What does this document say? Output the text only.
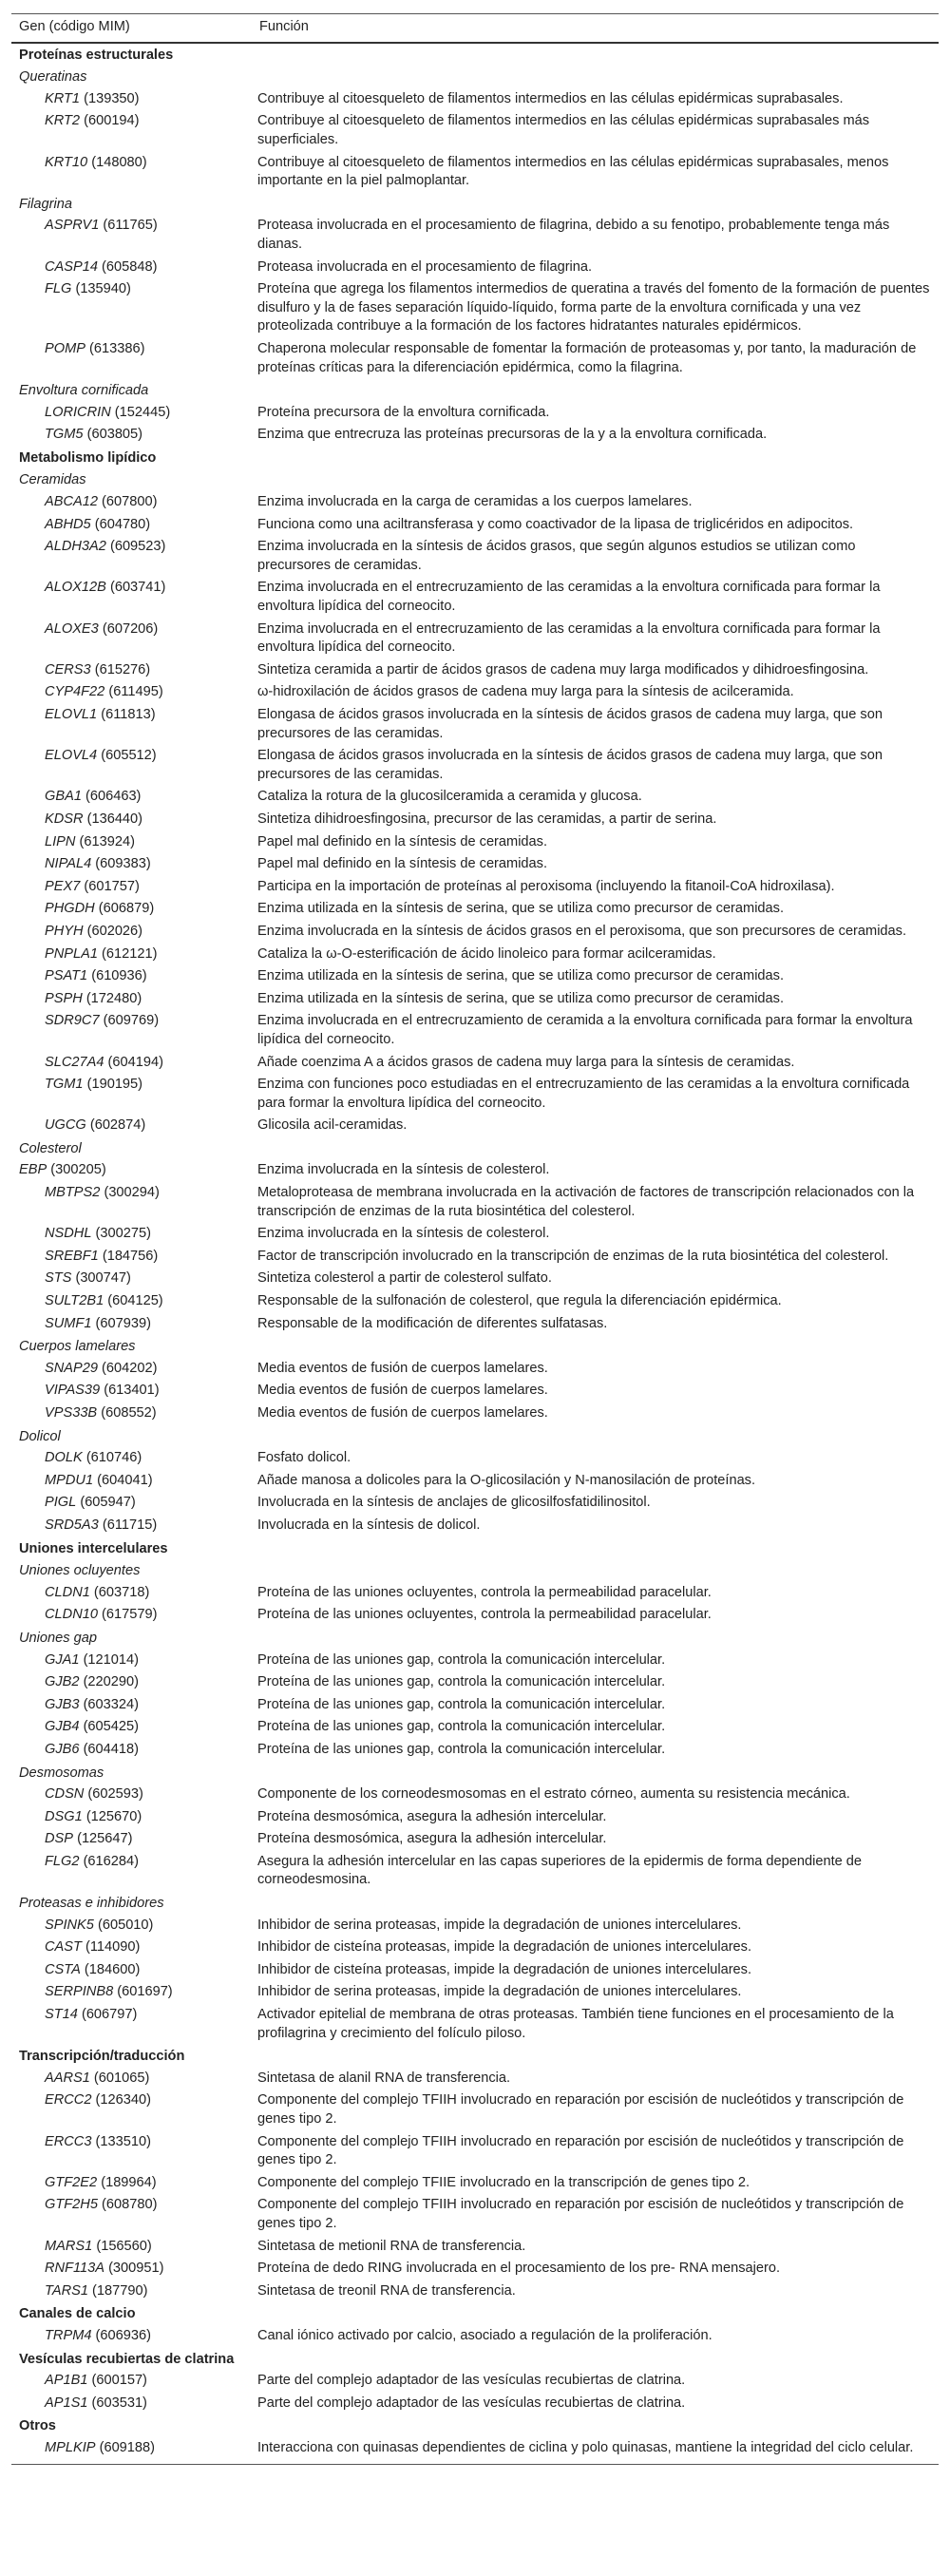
Gen (código MIM)	Función
Proteínas estructurales	
Queratinas	
KRT1 (139350)	Contribuye al citoesqueleto de filamentos intermedios en las células epidérmicas suprabasales.
KRT2 (600194)	Contribuye al citoesqueleto de filamentos intermedios en las células epidérmicas suprabasales más superficiales.
KRT10 (148080)	Contribuye al citoesqueleto de filamentos intermedios en las células epidérmicas suprabasales, menos importante en la piel palmoplantar.
Filagrina	
ASPRV1 (611765)	Proteasa involucrada en el procesamiento de filagrina, debido a su fenotipo, probablemente tenga más dianas.
CASP14 (605848)	Proteasa involucrada en el procesamiento de filagrina.
FLG (135940)	Proteína que agrega los filamentos intermedios de queratina a través del fomento de la formación de puentes disulfuro y la de fases separación líquido-líquido, forma parte de la envoltura cornificada y una vez proteolizada contribuye a la formación de los factores hidratantes naturales epidérmicos.
POMP (613386)	Chaperona molecular responsable de fomentar la formación de proteasomas y, por tanto, la maduración de proteínas críticas para la diferenciación epidérmica, como la filagrina.
Envoltura cornificada	
LORICRIN (152445)	Proteína precursora de la envoltura cornificada.
TGM5 (603805)	Enzima que entrecruza las proteínas precursoras de la y a la envoltura cornificada.
Metabolismo lipídico	
Ceramidas	
ABCA12 (607800)	Enzima involucrada en la carga de ceramidas a los cuerpos lamelares.
ABHD5 (604780)	Funciona como una aciltransferasa y como coactivador de la lipasa de triglicéridos en adipocitos.
ALDH3A2 (609523)	Enzima involucrada en la síntesis de ácidos grasos, que según algunos estudios se utilizan como precursores de ceramidas.
ALOX12B (603741)	Enzima involucrada en el entrecruzamiento de las ceramidas a la envoltura cornificada para formar la envoltura lipídica del corneocito.
ALOXE3 (607206)	Enzima involucrada en el entrecruzamiento de las ceramidas a la envoltura cornificada para formar la envoltura lipídica del corneocito.
CERS3 (615276)	Sintetiza ceramida a partir de ácidos grasos de cadena muy larga modificados y dihidroesfingosina.
CYP4F22 (611495)	ω-hidroxilación de ácidos grasos de cadena muy larga para la síntesis de acilceramida.
ELOVL1 (611813)	Elongasa de ácidos grasos involucrada en la síntesis de ácidos grasos de cadena muy larga, que son precursores de las ceramidas.
ELOVL4 (605512)	Elongasa de ácidos grasos involucrada en la síntesis de ácidos grasos de cadena muy larga, que son precursores de las ceramidas.
GBA1 (606463)	Cataliza la rotura de la glucosilceramida a ceramida y glucosa.
KDSR (136440)	Sintetiza dihidroesfingosina, precursor de las ceramidas, a partir de serina.
LIPN (613924)	Papel mal definido en la síntesis de ceramidas.
NIPAL4 (609383)	Papel mal definido en la síntesis de ceramidas.
PEX7 (601757)	Participa en la importación de proteínas al peroxisoma (incluyendo la fitanoil-CoA hidroxilasa).
PHGDH (606879)	Enzima utilizada en la síntesis de serina, que se utiliza como precursor de ceramidas.
PHYH (602026)	Enzima involucrada en la síntesis de ácidos grasos en el peroxisoma, que son precursores de ceramidas.
PNPLA1 (612121)	Cataliza la ω-O-esterificación de ácido linoleico para formar acilceramidas.
PSAT1 (610936)	Enzima utilizada en la síntesis de serina, que se utiliza como precursor de ceramidas.
PSPH (172480)	Enzima utilizada en la síntesis de serina, que se utiliza como precursor de ceramidas.
SDR9C7 (609769)	Enzima involucrada en el entrecruzamiento de ceramida a la envoltura cornificada para formar la envoltura lipídica del corneocito.
SLC27A4 (604194)	Añade coenzima A a ácidos grasos de cadena muy larga para la síntesis de ceramidas.
TGM1 (190195)	Enzima con funciones poco estudiadas en el entrecruzamiento de las ceramidas a la envoltura cornificada para formar la envoltura lipídica del corneocito.
UGCG (602874)	Glicosila acil-ceramidas.
Colesterol	
EBP (300205)	Enzima involucrada en la síntesis de colesterol.
MBTPS2 (300294)	Metaloproteasa de membrana involucrada en la activación de factores de transcripción relacionados con la transcripción de enzimas de la ruta biosintética del colesterol.
NSDHL (300275)	Enzima involucrada en la síntesis de colesterol.
SREBF1 (184756)	Factor de transcripción involucrado en la transcripción de enzimas de la ruta biosintética del colesterol.
STS (300747)	Sintetiza colesterol a partir de colesterol sulfato.
SULT2B1 (604125)	Responsable de la sulfonación de colesterol, que regula la diferenciación epidérmica.
SUMF1 (607939)	Responsable de la modificación de diferentes sulfatasas.
Cuerpos lamelares	
SNAP29 (604202)	Media eventos de fusión de cuerpos lamelares.
VIPAS39 (613401)	Media eventos de fusión de cuerpos lamelares.
VPS33B (608552)	Media eventos de fusión de cuerpos lamelares.
Dolicol	
DOLK (610746)	Fosfato dolicol.
MPDU1 (604041)	Añade manosa a dolicoles para la O-glicosilación y N-manosilación de proteínas.
PIGL (605947)	Involucrada en la síntesis de anclajes de glicosilfosfatidilinositol.
SRD5A3 (611715)	Involucrada en la síntesis de dolicol.
Uniones intercelulares	
Uniones ocluyentes	
CLDN1 (603718)	Proteína de las uniones ocluyentes, controla la permeabilidad paracelular.
CLDN10 (617579)	Proteína de las uniones ocluyentes, controla la permeabilidad paracelular.
Uniones gap	
GJA1 (121014)	Proteína de las uniones gap, controla la comunicación intercelular.
GJB2 (220290)	Proteína de las uniones gap, controla la comunicación intercelular.
GJB3 (603324)	Proteína de las uniones gap, controla la comunicación intercelular.
GJB4 (605425)	Proteína de las uniones gap, controla la comunicación intercelular.
GJB6 (604418)	Proteína de las uniones gap, controla la comunicación intercelular.
Desmosomas	
CDSN (602593)	Componente de los corneodesmosomas en el estrato córneo, aumenta su resistencia mecánica.
DSG1 (125670)	Proteína desmosómica, asegura la adhesión intercelular.
DSP (125647)	Proteína desmosómica, asegura la adhesión intercelular.
FLG2 (616284)	Asegura la adhesión intercelular en las capas superiores de la epidermis de forma dependiente de corneodesmosina.
Proteasas e inhibidores	
SPINK5 (605010)	Inhibidor de serina proteasas, impide la degradación de uniones intercelulares.
CAST (114090)	Inhibidor de cisteína proteasas, impide la degradación de uniones intercelulares.
CSTA (184600)	Inhibidor de cisteína proteasas, impide la degradación de uniones intercelulares.
SERPINB8 (601697)	Inhibidor de serina proteasas, impide la degradación de uniones intercelulares.
ST14 (606797)	Activador epitelial de membrana de otras proteasas. También tiene funciones en el procesamiento de la profilagrina y crecimiento del folículo piloso.
Transcripción/traducción	
AARS1 (601065)	Sintetasa de alanil RNA de transferencia.
ERCC2 (126340)	Componente del complejo TFIIH involucrado en reparación por escisión de nucleótidos y transcripción de genes tipo 2.
ERCC3 (133510)	Componente del complejo TFIIH involucrado en reparación por escisión de nucleótidos y transcripción de genes tipo 2.
GTF2E2 (189964)	Componente del complejo TFIIE involucrado en la transcripción de genes tipo 2.
GTF2H5 (608780)	Componente del complejo TFIIH involucrado en reparación por escisión de nucleótidos y transcripción de genes tipo 2.
MARS1 (156560)	Sintetasa de metionil RNA de transferencia.
RNF113A (300951)	Proteína de dedo RING involucrada en el procesamiento de los pre- RNA mensajero.
TARS1 (187790)	Sintetasa de treonil RNA de transferencia.
Canales de calcio	
TRPM4 (606936)	Canal iónico activado por calcio, asociado a regulación de la proliferación.
Vesículas recubiertas de clatrina	
AP1B1 (600157)	Parte del complejo adaptador de las vesículas recubiertas de clatrina.
AP1S1 (603531)	Parte del complejo adaptador de las vesículas recubiertas de clatrina.
Otros	
MPLKIP (609188)	Interacciona con quinasas dependientes de ciclina y polo quinasas, mantiene la integridad del ciclo celular.
